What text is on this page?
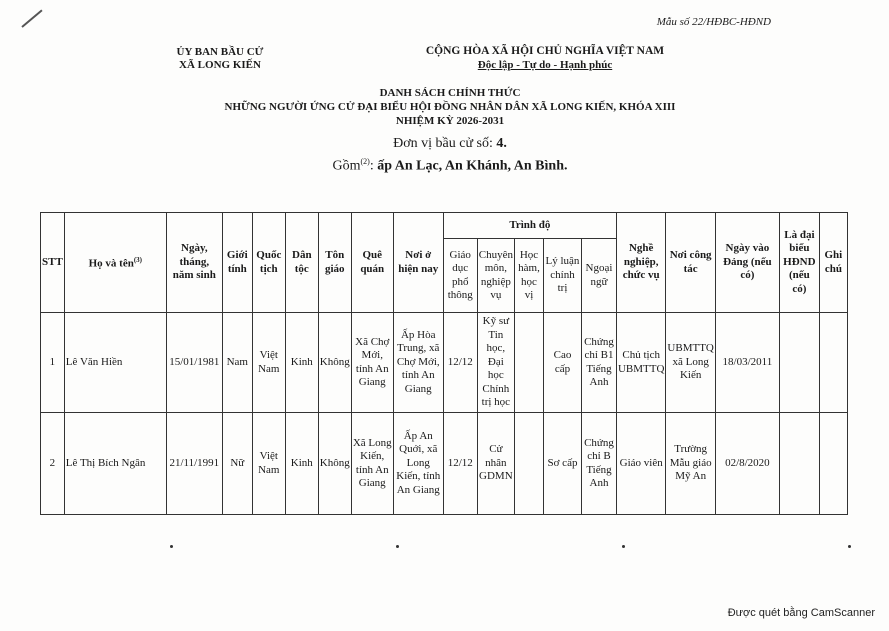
Mẫu số 22/HĐBC-HĐND
ỦY BAN BẦU CỬ
XÃ LONG KIẾN
CỘNG HÒA XÃ HỘI CHỦ NGHĨA VIỆT NAM
Độc lập - Tự do - Hạnh phúc
DANH SÁCH CHÍNH THỨC
NHỮNG NGƯỜI ỨNG CỬ ĐẠI BIỂU HỘI ĐỒNG NHÂN DÂN XÃ LONG KIẾN, KHÓA XIII
NHIỆM KỲ 2026-2031
Đơn vị bầu cử số: 4.
Gồm$^{(2)}$: ấp An Lạc, An Khánh, An Bình.
STT	Họ và tên$^{(3)}$	Ngày, tháng, năm sinh	Giới tính	Quốc tịch	Dân tộc	Tôn giáo	Quê quán	Nơi ở hiện nay	Trình độ					Nghề nghiệp, chức vụ	Nơi công tác	Ngày vào Đảng (nếu có)	Là đại biểu HĐND (nếu có)	Ghi chú
									Giáo dục phổ thông	Chuyên môn, nghiệp vụ	Học hàm, học vị	Lý luận chính trị	Ngoại ngữ					
1	Lê Văn Hiền	15/01/1981	Nam	Việt Nam	Kinh	Không	Xã Chợ Mới, tỉnh An Giang	Ấp Hòa Trung, xã Chợ Mới, tỉnh An Giang	12/12	Kỹ sư Tin học, Đại học Chính trị học		Cao cấp	Chứng chỉ B1 Tiếng Anh	Chủ tịch UBMTTQ	UBMTTQ xã Long Kiến	18/03/2011		
2	Lê Thị Bích Ngân	21/11/1991	Nữ	Việt Nam	Kinh	Không	Xã Long Kiến, tỉnh An Giang	Ấp An Quới, xã Long Kiến, tỉnh An Giang	12/12	Cử nhân GDMN		Sơ cấp	Chứng chỉ B Tiếng Anh	Giáo viên	Trường Mẫu giáo Mỹ An	02/8/2020		
Được quét bằng CamScanner
